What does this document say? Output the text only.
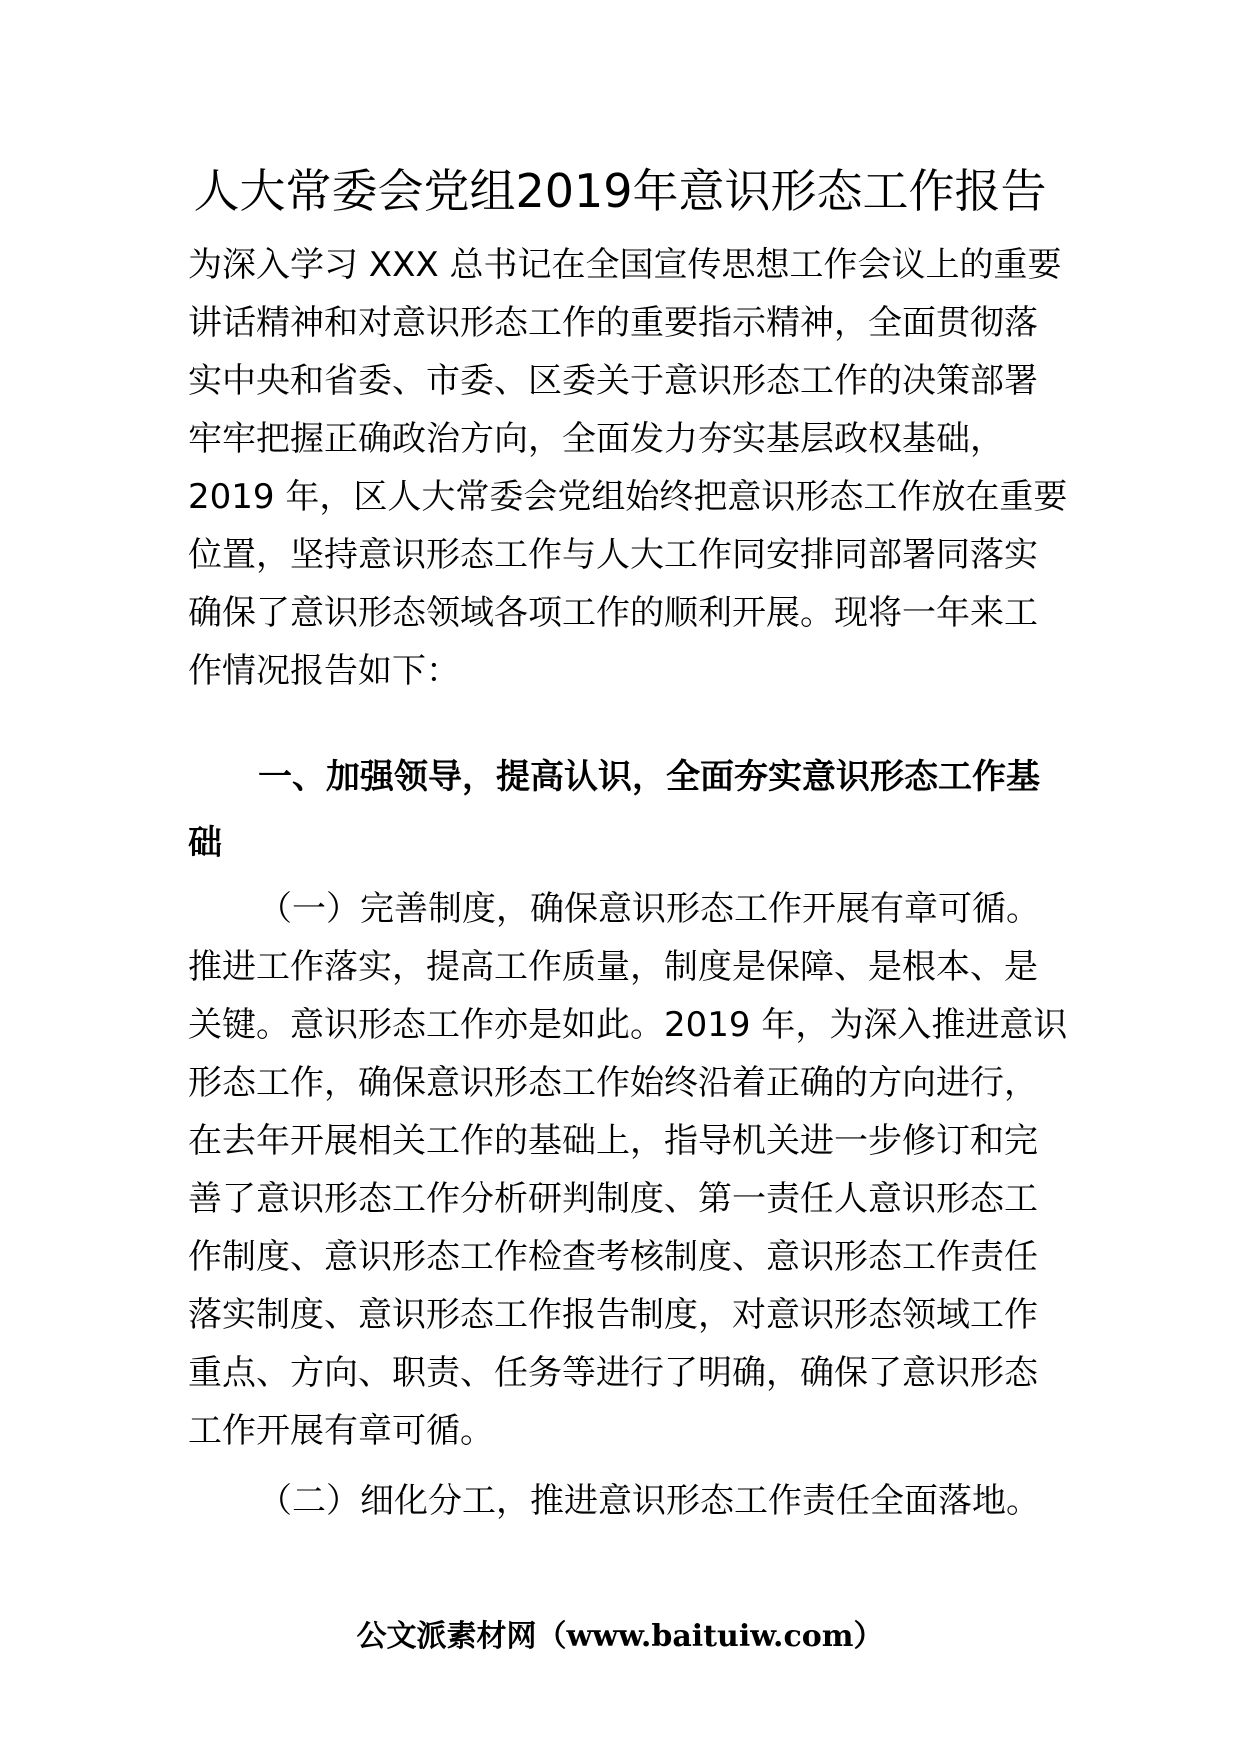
人大常委会党组2019年意识形态工作报告

为深入学习 XXX 总书记在全国宣传思想工作会议上的重要

讲话精神和对意识形态工作的重要指示精神，全面贯彻落

实中央和省委、市委、区委关于意识形态工作的决策部署

牢牢把握正确政治方向，全面发力夯实基层政权基础，

2019 年，区人大常委会党组始终把意识形态工作放在重要

位置，坚持意识形态工作与人大工作同安排同部署同落实

确保了意识形态领域各项工作的顺利开展。现将一年来工

作情况报告如下：

一、加强领导，提高认识，全面夯实意识形态工作基

础

（一）完善制度，确保意识形态工作开展有章可循。

推进工作落实，提高工作质量，制度是保障、是根本、是

关键。意识形态工作亦是如此。2019 年，为深入推进意识

形态工作，确保意识形态工作始终沿着正确的方向进行，

在去年开展相关工作的基础上，指导机关进一步修订和完

善了意识形态工作分析研判制度、第一责任人意识形态工

作制度、意识形态工作检查考核制度、意识形态工作责任

落实制度、意识形态工作报告制度，对意识形态领域工作

重点、方向、职责、任务等进行了明确，确保了意识形态

工作开展有章可循。

（二）细化分工，推进意识形态工作责任全面落地。

公文派素材网（www.baituiw.com）
